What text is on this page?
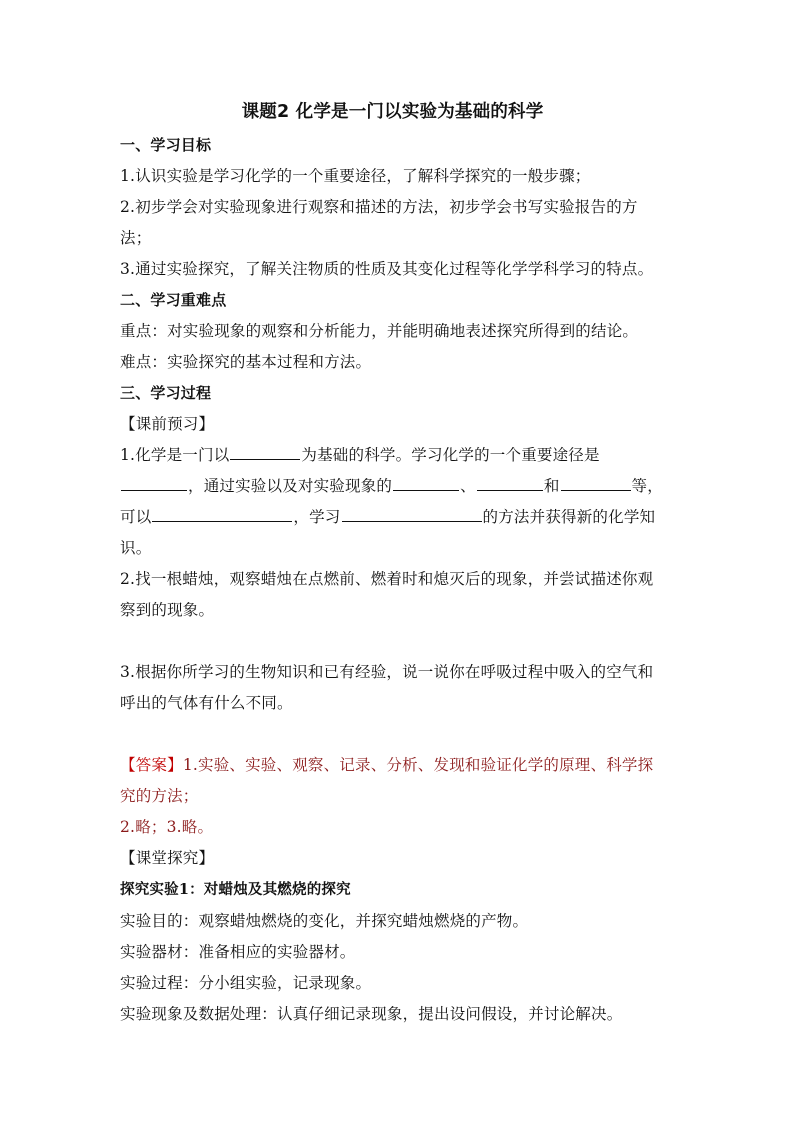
课题2 化学是一门以实验为基础的科学

一、学习目标

1.认识实验是学习化学的一个重要途径，了解科学探究的一般步骤；

2.初步学会对实验现象进行观察和描述的方法，初步学会书写实验报告的方法；

3.通过实验探究，了解关注物质的性质及其变化过程等化学学科学习的特点。

二、学习重难点

重点：对实验现象的观察和分析能力，并能明确地表述探究所得到的结论。

难点：实验探究的基本过程和方法。

三、学习过程

【课前预习】

1.化学是一门以	为基础的科学。学习化学的一个重要途径是，通过实验以及对实验现象的	、	和	等，可以	，学习	的方法并获得新的化学知识。

2.找一根蜡烛，观察蜡烛在点燃前、燃着时和熄灭后的现象，并尝试描述你观察到的现象。

3.根据你所学习的生物知识和已有经验，说一说你在呼吸过程中吸入的空气和呼出的气体有什么不同。

【答案】1.实验、实验、观察、记录、分析、发现和验证化学的原理、科学探究的方法；

2.略；3.略。

【课堂探究】

探究实验1：对蜡烛及其燃烧的探究

实验目的：观察蜡烛燃烧的变化，并探究蜡烛燃烧的产物。

实验器材：准备相应的实验器材。

实验过程：分小组实验，记录现象。

实验现象及数据处理：认真仔细记录现象，提出设问假设，并讨论解决。
